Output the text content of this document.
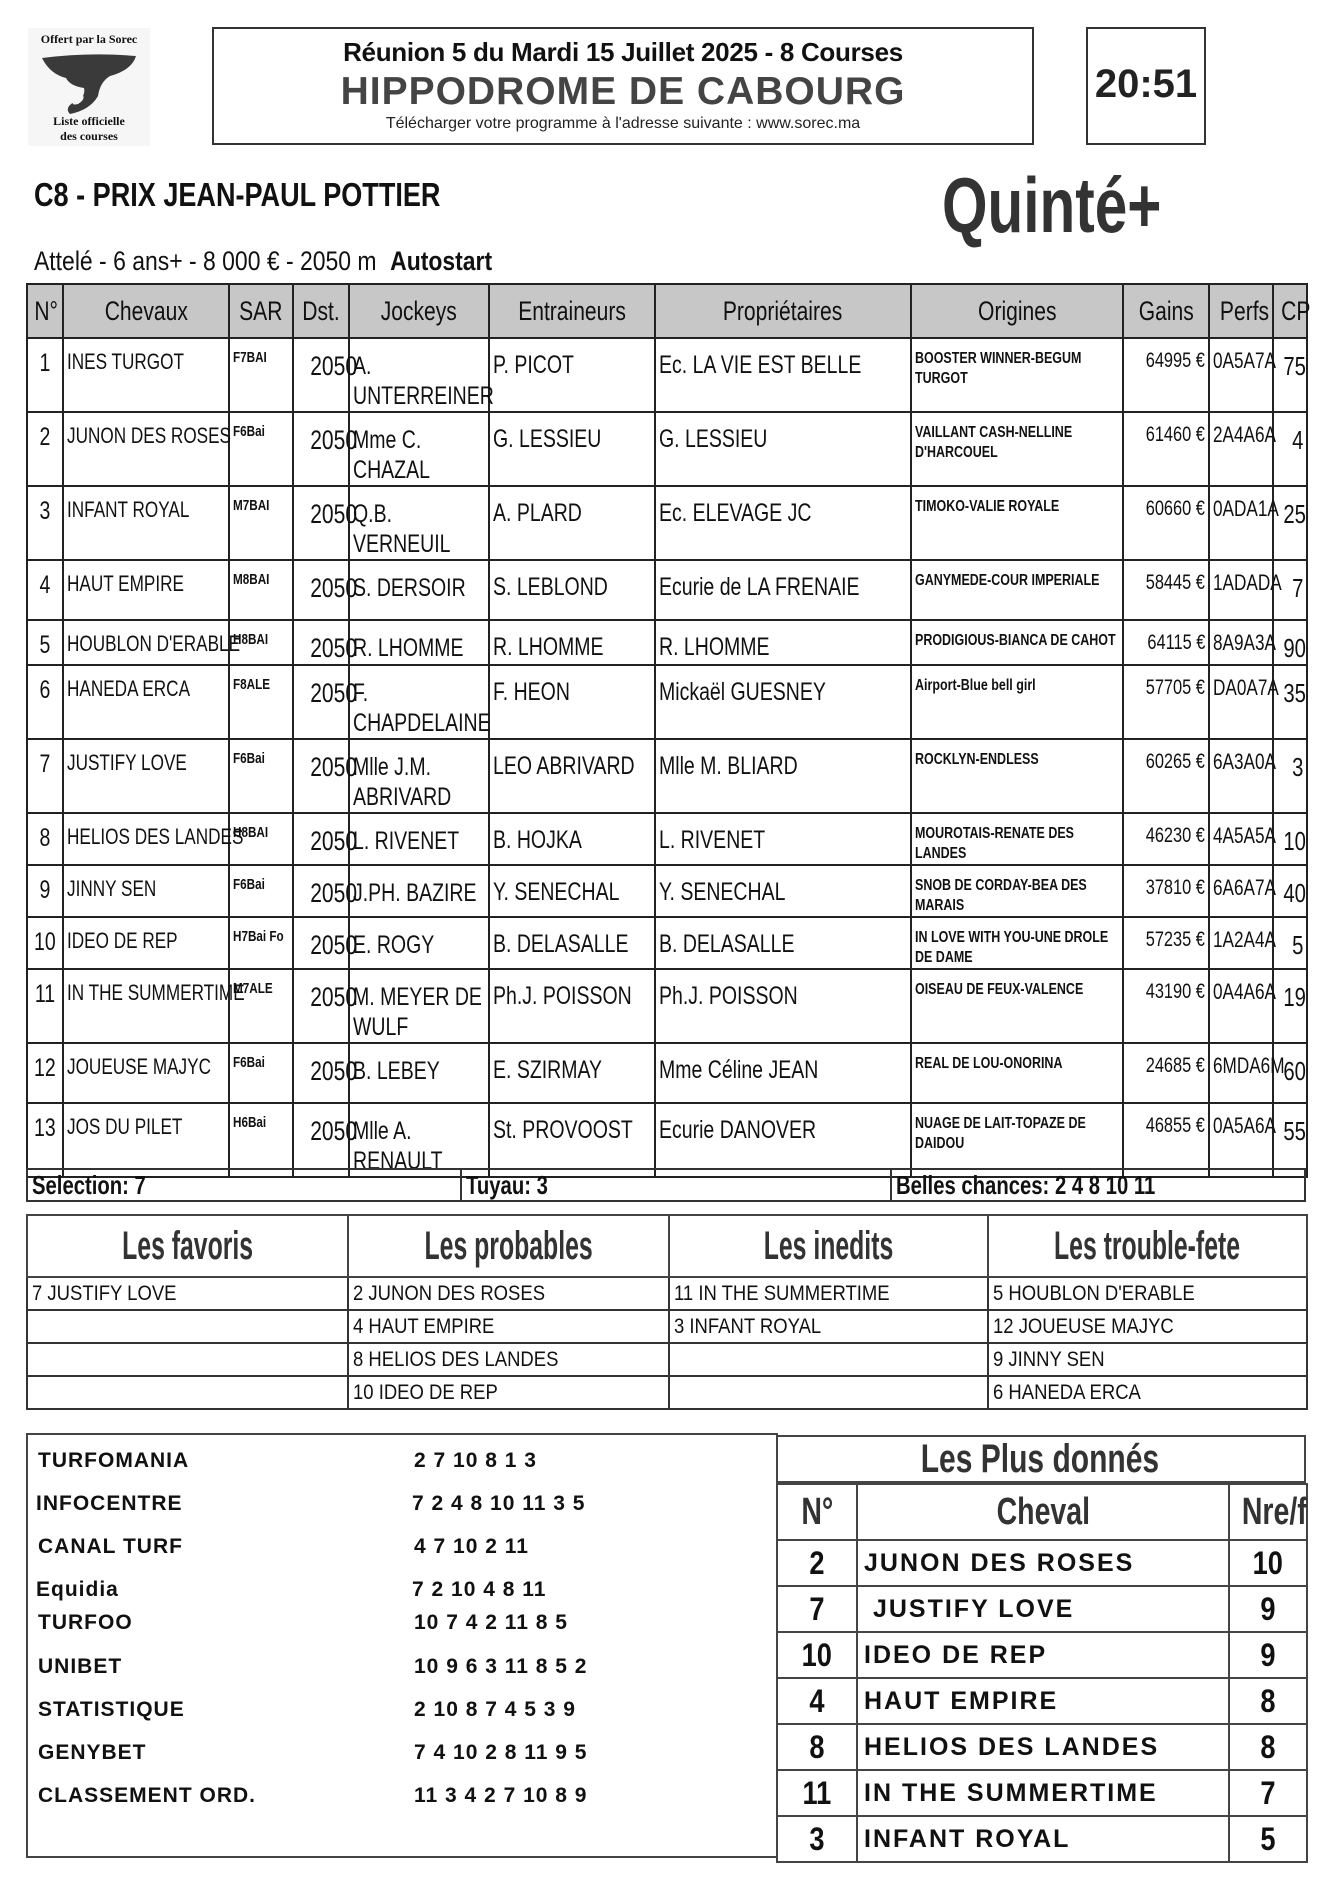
Offert par la Sorec
Liste officielle
des courses
Réunion 5 du Mardi 15 Juillet 2025 - 8 Courses
HIPPODROME DE CABOURG
Télécharger votre programme à l'adresse suivante : www.sorec.ma
20:51
C8 - PRIX JEAN-PAUL POTTIER	Quinté+
Attelé - 6 ans+ - 8 000 € - 2050 m Autostart
N°	Chevaux	SAR	Dst.	Jockeys	Entraineurs	Propriétaires	Origines	Gains	Perfs	CP
1	INES TURGOT	F7BAI	2050	A. UNTERREINER	P. PICOT	Ec. LA VIE EST BELLE	BOOSTER WINNER-BEGUM TURGOT	64995 €	0A5A7A	75
2	JUNON DES ROSES	F6Bai	2050	Mme C. CHAZAL	G. LESSIEU	G. LESSIEU	VAILLANT CASH-NELLINE D'HARCOUEL	61460 €	2A4A6A	4
3	INFANT ROYAL	M7BAI	2050	Q.B. VERNEUIL	A. PLARD	Ec. ELEVAGE JC	TIMOKO-VALIE ROYALE	60660 €	0ADA1A	25
4	HAUT EMPIRE	M8BAI	2050	S. DERSOIR	S. LEBLOND	Ecurie de LA FRENAIE	GANYMEDE-COUR IMPERIALE	58445 €	1ADADA	7
5	HOUBLON D'ERABLE	H8BAI	2050	R. LHOMME	R. LHOMME	R. LHOMME	PRODIGIOUS-BIANCA DE CAHOT	64115 €	8A9A3A	90
6	HANEDA ERCA	F8ALE	2050	F. CHAPDELAINE	F. HEON	Mickaël GUESNEY	Airport-Blue bell girl	57705 €	DA0A7A	35
7	JUSTIFY LOVE	F6Bai	2050	Mlle J.M. ABRIVARD	LEO ABRIVARD	Mlle M. BLIARD	ROCKLYN-ENDLESS	60265 €	6A3A0A	3
8	HELIOS DES LANDES	H8BAI	2050	L. RIVENET	B. HOJKA	L. RIVENET	MOUROTAIS-RENATE DES LANDES	46230 €	4A5A5A	10
9	JINNY SEN	F6Bai	2050	J.PH. BAZIRE	Y. SENECHAL	Y. SENECHAL	SNOB DE CORDAY-BEA DES MARAIS	37810 €	6A6A7A	40
10	IDEO DE REP	H7Bai Fo	2050	E. ROGY	B. DELASALLE	B. DELASALLE	IN LOVE WITH YOU-UNE DROLE DE DAME	57235 €	1A2A4A	5
11	IN THE SUMMERTIME	M7ALE	2050	M. MEYER DE WULF	Ph.J. POISSON	Ph.J. POISSON	OISEAU DE FEUX-VALENCE	43190 €	0A4A6A	19
12	JOUEUSE MAJYC	F6Bai	2050	B. LEBEY	E. SZIRMAY	Mme Céline JEAN	REAL DE LOU-ONORINA	24685 €	6MDA6M	60
13	JOS DU PILET	H6Bai	2050	Mlle A. RENAULT	St. PROVOOST	Ecurie DANOVER	NUAGE DE LAIT-TOPAZE DE DAIDOU	46855 €	0A5A6A	55
Selection: 7	Tuyau: 3	Belles chances: 2 4 8 10 11
Les favoris	Les probables	Les inedits	Les trouble-fete
7 JUSTIFY LOVE	2 JUNON DES ROSES	11 IN THE SUMMERTIME	5 HOUBLON D'ERABLE
	4 HAUT EMPIRE	3 INFANT ROYAL	12 JOUEUSE MAJYC
	8 HELIOS DES LANDES		9 JINNY SEN
	10 IDEO DE REP		6 HANEDA ERCA
TURFOMANIA	2 7 10 8 1 3
INFOCENTRE	7 2 4 8 10 11 3 5
CANAL TURF	4 7 10 2 11
Equidia	7 2 10 4 8 11
TURFOO	10 7 4 2 11 8 5
UNIBET	10 9 6 3 11 8 5 2
STATISTIQUE	2 10 8 7 4 5 3 9
GENYBET	7 4 10 2 8 11 9 5
CLASSEMENT ORD.	11 3 4 2 7 10 8 9
Les Plus donnés
N°	Cheval	Nre/f
2	JUNON DES ROSES	10
7	JUSTIFY LOVE	9
10	IDEO DE REP	9
4	HAUT EMPIRE	8
8	HELIOS DES LANDES	8
11	IN THE SUMMERTIME	7
3	INFANT ROYAL	5
